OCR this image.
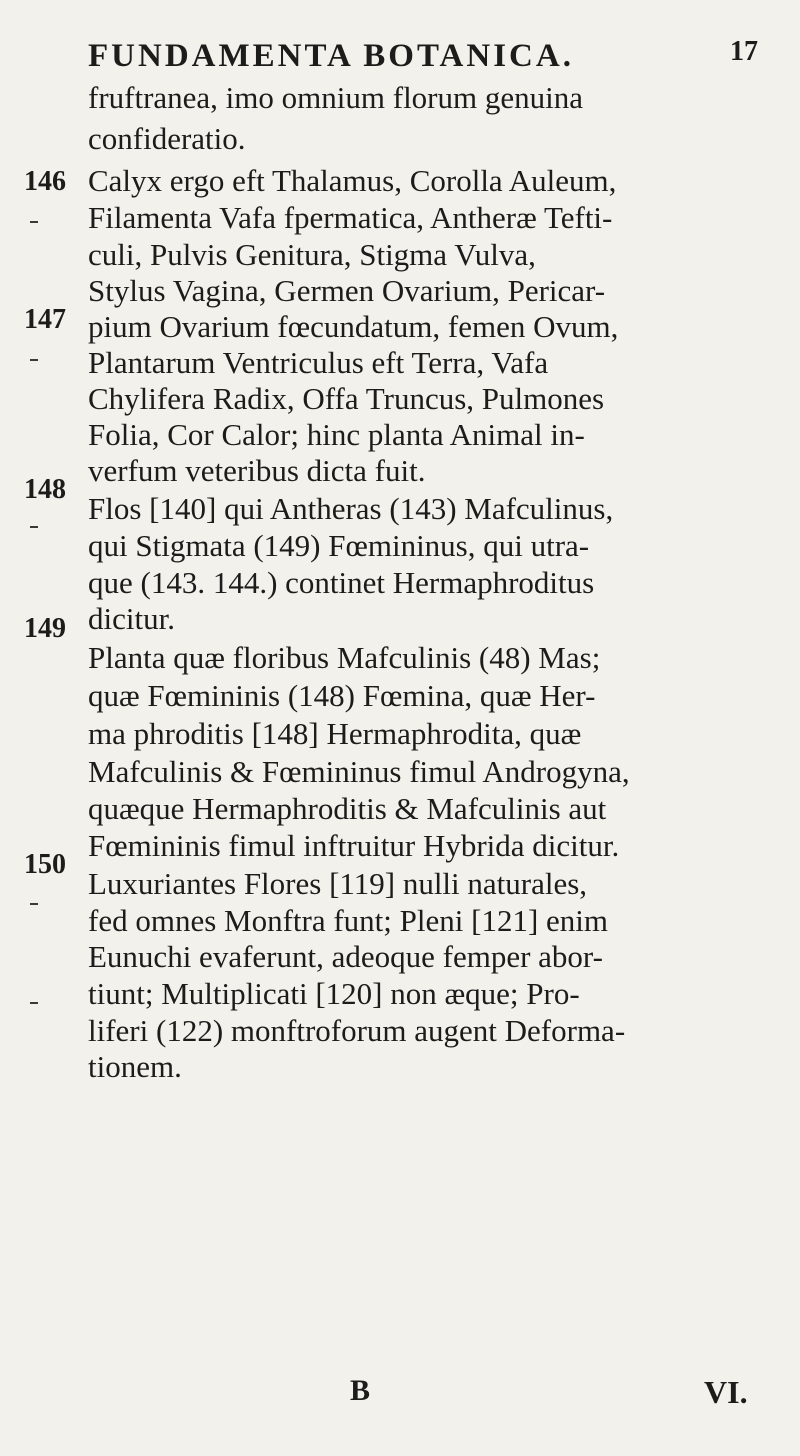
FUNDAMENTA BOTANICA.	17
146
147
148
149
150
fruftranea, imo omnium florum genuina
confideratio.
Calyx ergo eft Thalamus, Corolla Auleum,
Filamenta Vafa fpermatica, Antheræ Tefti-
culi, Pulvis Genitura, Stigma Vulva,
Stylus Vagina, Germen Ovarium, Pericar-
pium Ovarium fœcundatum, femen Ovum,
Plantarum Ventriculus eft Terra, Vafa
Chylifera Radix, Offa Truncus, Pulmones
Folia, Cor Calor; hinc planta Animal in-
verfum veteribus dicta fuit.
Flos [140] qui Antheras (143) Mafculinus,
qui Stigmata (149) Fœmininus, qui utra-
que (143. 144.) continet Hermaphroditus
dicitur.
Planta quæ floribus Mafculinis (48) Mas;
quæ Fœmininis (148) Fœmina, quæ Her-
ma phroditis [148] Hermaphrodita, quæ
Mafculinis & Fœmininus fimul Androgyna,
quæque Hermaphroditis & Mafculinis aut
Fœmininis fimul inftruitur Hybrida dicitur.
Luxuriantes Flores [119] nulli naturales,
fed omnes Monftra funt; Pleni [121] enim
Eunuchi evaferunt, adeoque femper abor-
tiunt; Multiplicati [120] non æque; Pro-
liferi (122) monftroforum augent Deforma-
tionem.
B	VI.
